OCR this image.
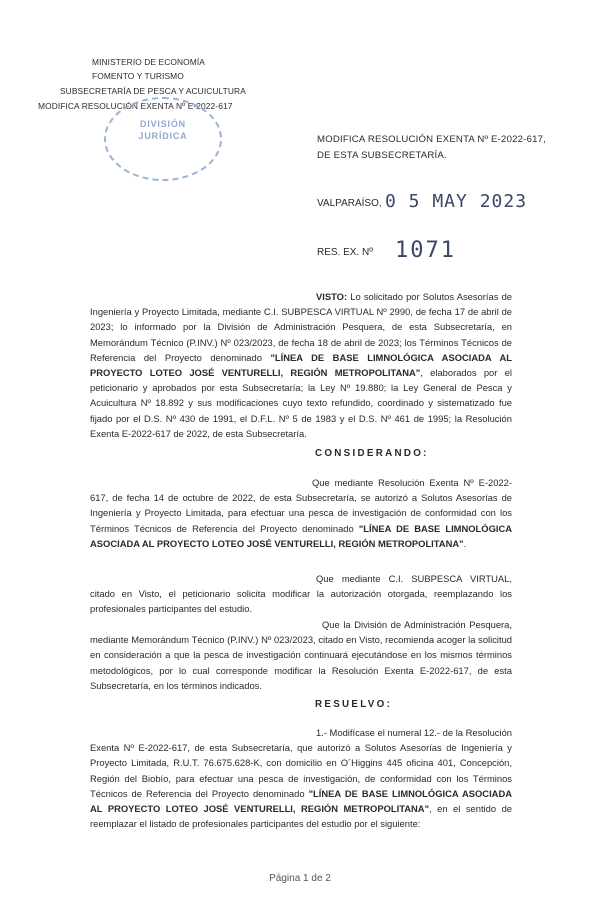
MINISTERIO DE ECONOMÍA
FOMENTO Y TURISMO
SUBSECRETARÍA DE PESCA Y ACUICULTURA
MODIFICA RESOLUCIÓN EXENTA Nº E-2022-617
DIVISIÓN
JURÍDICA	MODIFICA RESOLUCIÓN EXENTA Nº E-2022-617,
DE ESTA SUBSECRETARÍA.
VALPARAÍSO, 0 5 MAY 2023
RES. EX. Nº 1071
VISTO: Lo solicitado por Solutos Asesorías de Ingeniería y Proyecto Limitada, mediante C.I. SUBPESCA VIRTUAL Nº 2990, de fecha 17 de abril de 2023; lo informado por la División de Administración Pesquera, de esta Subsecretaría, en Memorándum Técnico (P.INV.) Nº 023/2023, de fecha 18 de abril de 2023; los Términos Técnicos de Referencia del Proyecto denominado "LÍNEA DE BASE LIMNOLÓGICA ASOCIADA AL PROYECTO LOTEO JOSÉ VENTURELLI, REGIÓN METROPOLITANA", elaborados por el peticionario y aprobados por esta Subsecretaría; la Ley Nº 19.880; la Ley General de Pesca y Acuicultura Nº 18.892 y sus modificaciones cuyo texto refundido, coordinado y sistematizado fue fijado por el D.S. Nº 430 de 1991, el D.F.L. Nº 5 de 1983 y el D.S. Nº 461 de 1995; la Resolución Exenta E-2022-617 de 2022, de esta Subsecretaría.
CONSIDERANDO:
Que mediante Resolución Exenta Nº E-2022-617, de fecha 14 de octubre de 2022, de esta Subsecretaría, se autorizó a Solutos Asesorías de Ingeniería y Proyecto Limitada, para efectuar una pesca de investigación de conformidad con los Términos Técnicos de Referencia del Proyecto denominado "LÍNEA DE BASE LIMNOLÓGICA ASOCIADA AL PROYECTO LOTEO JOSÉ VENTURELLI, REGIÓN METROPOLITANA".
Que mediante C.I. SUBPESCA VIRTUAL, citado en Visto, el peticionario solicita modificar la autorización otorgada, reemplazando los profesionales participantes del estudio.
Que la División de Administración Pesquera, mediante Memorándum Técnico (P.INV.) Nº 023/2023, citado en Visto, recomienda acoger la solicitud en consideración a que la pesca de investigación continuará ejecutándose en los mismos términos metodológicos, por lo cual corresponde modificar la Resolución Exenta E-2022-617, de esta Subsecretaría, en los términos indicados.
RESUELVO:
1.- Modifícase el numeral 12.- de la Resolución Exenta Nº E-2022-617, de esta Subsecretaría, que autorizó a Solutos Asesorías de Ingeniería y Proyecto Limitada, R.U.T. 76.675.628-K, con domicilio en O´Higgins 445 oficina 401, Concepción, Región del Biobío, para efectuar una pesca de investigación, de conformidad con los Términos Técnicos de Referencia del Proyecto denominado "LÍNEA DE BASE LIMNOLÓGICA ASOCIADA AL PROYECTO LOTEO JOSÉ VENTURELLI, REGIÓN METROPOLITANA", en el sentido de reemplazar el listado de profesionales participantes del estudio por el siguiente:
Página 1 de 2
